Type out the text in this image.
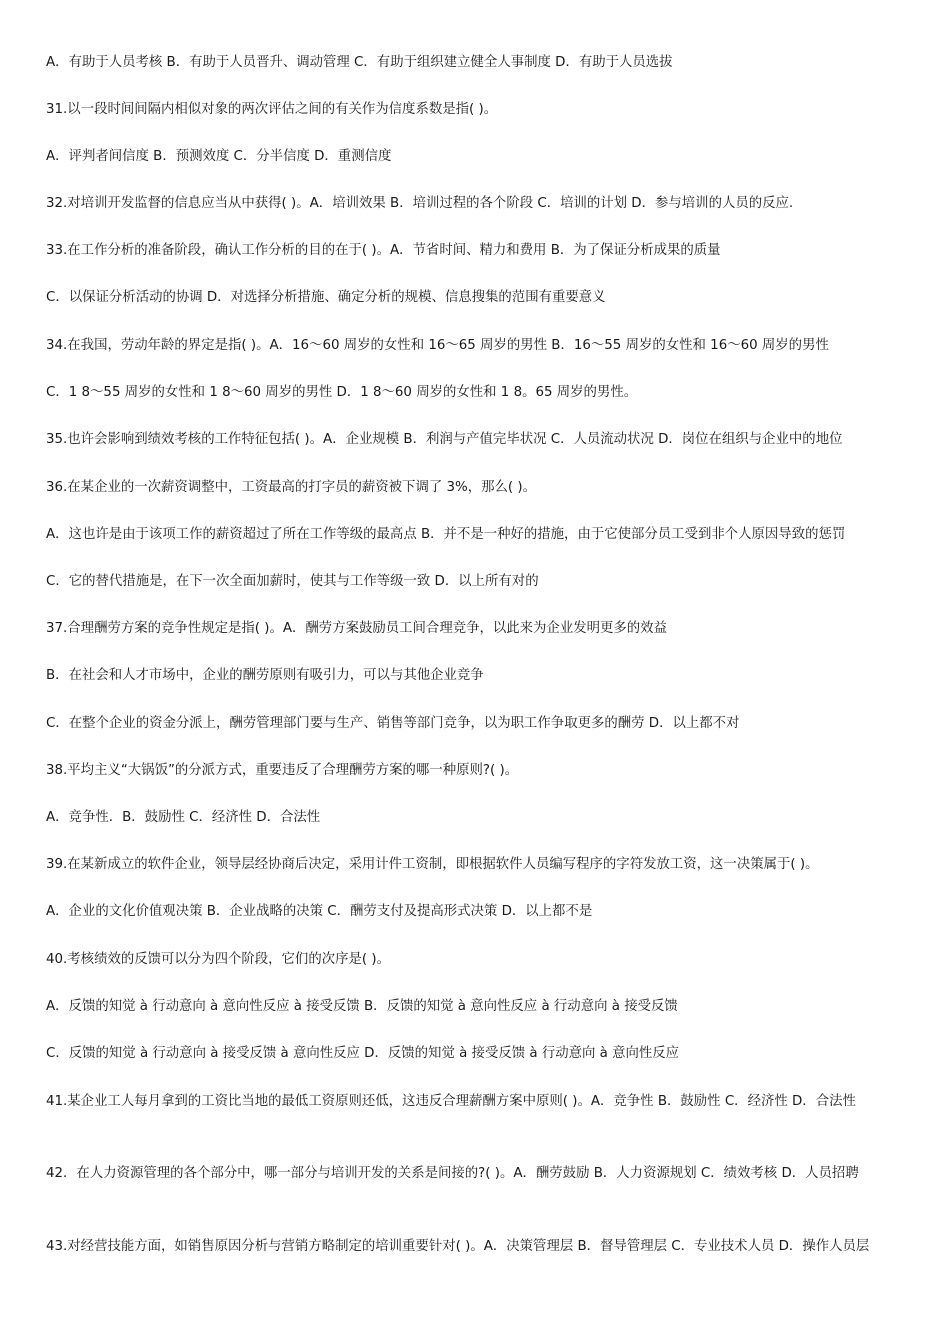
A．有助于人员考核 B．有助于人员晋升、调动管理 C．有助于组织建立健全人事制度 D．有助于人员选拔
31.以一段时间间隔内相似对象的两次评估之间的有关作为信度系数是指( )。
A．评判者间信度 B．预测效度 C．分半信度 D．重测信度
32.对培训开发监督的信息应当从中获得( )。A．培训效果 B．培训过程的各个阶段 C．培训的计划 D．参与培训的人员的反应.
33.在工作分析的准备阶段，确认工作分析的目的在于( )。A．节省时间、精力和费用 B．为了保证分析成果的质量
C．以保证分析活动的协调 D．对选择分析措施、确定分析的规模、信息搜集的范围有重要意义
34.在我国，劳动年龄的界定是指( )。A．16～60 周岁的女性和 16～65 周岁的男性 B．16～55 周岁的女性和 16～60 周岁的男性
C．1 8～55 周岁的女性和 1 8～60 周岁的男性 D．1 8～60 周岁的女性和 1 8。65 周岁的男性。
35.也许会影响到绩效考核的工作特征包括( )。A．企业规模 B．利润与产值完毕状况 C．人员流动状况 D．岗位在组织与企业中的地位
36.在某企业的一次薪资调整中，工资最高的打字员的薪资被下调了 3%，那么( )。
A．这也许是由于该项工作的薪资超过了所在工作等级的最高点 B．并不是一种好的措施，由于它使部分员工受到非个人原因导致的惩罚
C．它的替代措施是，在下一次全面加薪时，使其与工作等级一致 D．以上所有对的
37.合理酬劳方案的竞争性规定是指( )。A．酬劳方案鼓励员工间合理竞争，以此来为企业发明更多的效益
B．在社会和人才市场中，企业的酬劳原则有吸引力，可以与其他企业竞争
C．在整个企业的资金分派上，酬劳管理部门要与生产、销售等部门竞争，以为职工作争取更多的酬劳 D．以上都不对
38.平均主义“大锅饭”的分派方式，重要违反了合理酬劳方案的哪一种原则?( )。
A．竞争性．B．鼓励性 C．经济性 D．合法性
39.在某新成立的软件企业，领导层经协商后决定，采用计件工资制，即根据软件人员编写程序的字符发放工资，这一决策属于( )。
A．企业的文化价值观决策 B．企业战略的决策 C．酬劳支付及提高形式决策 D．以上都不是
40.考核绩效的反馈可以分为四个阶段，它们的次序是( )。
A．反馈的知觉 à 行动意向 à 意向性反应 à 接受反馈 B．反馈的知觉 à 意向性反应 à 行动意向 à 接受反馈
C．反馈的知觉 à 行动意向 à 接受反馈 à 意向性反应 D．反馈的知觉 à 接受反馈 à 行动意向 à 意向性反应
41.某企业工人每月拿到的工资比当地的最低工资原则还低，这违反合理薪酬方案中原则( )。A．竞争性 B．鼓励性 C．经济性 D．合法性
42．在人力资源管理的各个部分中，哪一部分与培训开发的关系是间接的?( )。A．酬劳鼓励 B．人力资源规划 C．绩效考核 D．人员招聘
43.对经营技能方面，如销售原因分析与营销方略制定的培训重要针对( )。A．决策管理层 B．督导管理层 C．专业技术人员 D．操作人员层
